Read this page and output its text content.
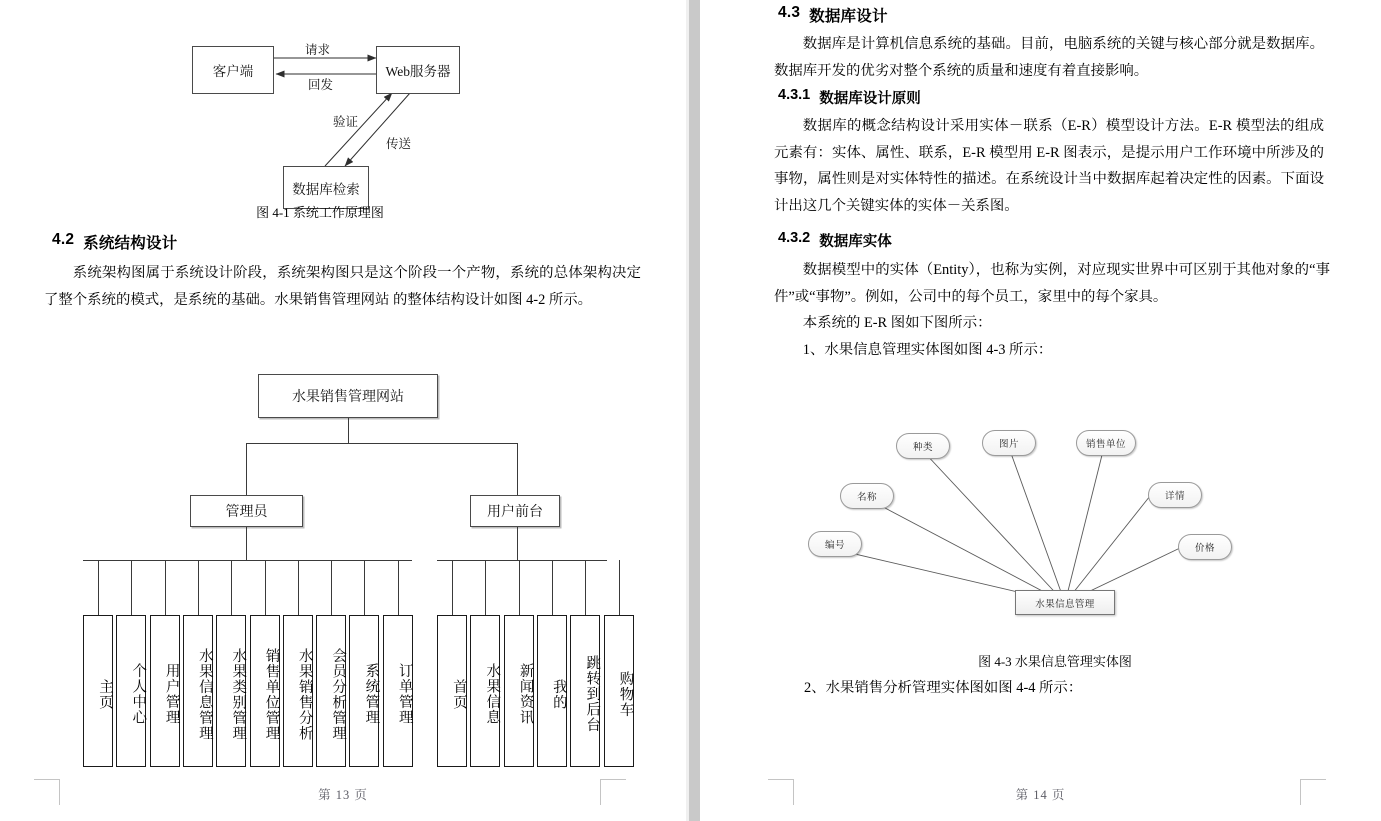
客户端	Web服务器
数据库检索
请求
回发
验证
传送
图 4-1 系统工作原理图
4.2 系统结构设计
系统架构图属于系统设计阶段，系统架构图只是这个阶段一个产物，系统的总体架构决定了整个系统的模式，是系统的基础。水果销售管理网站 的整体结构设计如图 4-2 所示。
水果销售管理网站
管理员	用户前台
主页 个人中心 用户管理 水果信息管理 水果类别管理 销售单位管理 水果销售分析 会员分析管理 系统管理 订单管理	首页 水果信息 新闻资讯 我的 跳转到后台 购物车
第 13 页
4.3 数据库设计
数据库是计算机信息系统的基础。目前，电脑系统的关键与核心部分就是数据库。数据库开发的优劣对整个系统的质量和速度有着直接影响。
4.3.1 数据库设计原则
数据库的概念结构设计采用实体－联系（E-R）模型设计方法。E-R 模型法的组成元素有：实体、属性、联系，E-R 模型用 E-R 图表示，是提示用户工作环境中所涉及的事物，属性则是对实体特性的描述。在系统设计当中数据库起着决定性的因素。下面设计出这几个关键实体的实体－关系图。
4.3.2 数据库实体
数据模型中的实体（Entity），也称为实例，对应现实世界中可区别于其他对象的“事件”或“事物”。例如，公司中的每个员工，家里中的每个家具。
本系统的 E-R 图如下图所示：
1、水果信息管理实体图如图 4-3 所示：
种类	图片	销售单位
名称	详情
编号	价格
水果信息管理
图 4-3 水果信息管理实体图
2、水果销售分析管理实体图如图 4-4 所示：
第 14 页
